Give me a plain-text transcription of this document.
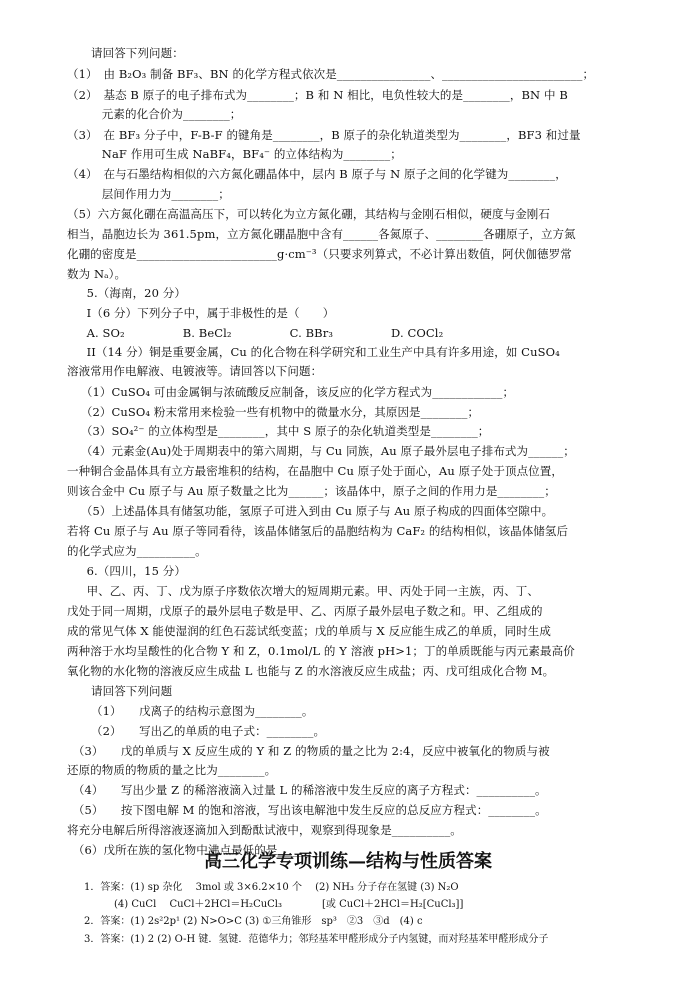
请回答下列问题：
（1）　由 B₂O₃ 制备 BF₃、BN 的化学方程式依次是________________、________________________；
（2）　基态 B 原子的电子排布式为________；B 和 N 相比，电负性较大的是________，BN 中 B
　　　元素的化合价为________；
（3）　在 BF₃ 分子中，F-B-F 的键角是________，B 原子的杂化轨道类型为________，BF3 和过量
　　　NaF 作用可生成 NaBF₄，BF₄⁻ 的立体结构为________；
（4）　在与石墨结构相似的六方氮化硼晶体中，层内 B 原子与 N 原子之间的化学键为________，
　　　层间作用力为________；
（5）六方氮化硼在高温高压下，可以转化为立方氮化硼，其结构与金刚石相似，硬度与金刚石
相当，晶胞边长为 361.5pm，立方氮化硼晶胞中含有______各氮原子、________各硼原子，立方氮
化硼的密度是________________________g·cm⁻³（只要求列算式，不必计算出数值，阿伏伽德罗常
数为 Nₐ）。
　5.（海南，20 分）
　I（6 分）下列分子中，属于非极性的是（　　）
　A. SO₂　　　　　B. BeCl₂　　　　　C. BBr₃　　　　　D. COCl₂
　II（14 分）铜是重要金属，Cu 的化合物在科学研究和工业生产中具有许多用途，如 CuSO₄
溶液常用作电解液、电镀液等。请回答以下问题：
　（1）CuSO₄ 可由金属铜与浓硫酸反应制备，该反应的化学方程式为____________；
　（2）CuSO₄ 粉末常用来检验一些有机物中的微量水分，其原因是________；
　（3）SO₄²⁻ 的立体构型是________，其中 S 原子的杂化轨道类型是________；
　（4）元素金(Au)处于周期表中的第六周期，与 Cu 同族，Au 原子最外层电子排布式为______；
一种铜合金晶体具有立方最密堆积的结构，在晶胞中 Cu 原子处于面心，Au 原子处于顶点位置，
则该合金中 Cu 原子与 Au 原子数量之比为______；该晶体中，原子之间的作用力是________；
　（5）上述晶体具有储氢功能，氢原子可进入到由 Cu 原子与 Au 原子构成的四面体空隙中。
若将 Cu 原子与 Au 原子等同看待，该晶体储氢后的晶胞结构为 CaF₂ 的结构相似，该晶体储氢后
的化学式应为__________。
　6.（四川，15 分）
　甲、乙、丙、丁、戊为原子序数依次增大的短周期元素。甲、丙处于同一主族，丙、丁、
戊处于同一周期，戊原子的最外层电子数是甲、乙、丙原子最外层电子数之和。甲、乙组成的
成的常见气体 X 能使湿润的红色石蕊试纸变蓝；戊的单质与 X 反应能生成乙的单质，同时生成
两种溶于水均呈酸性的化合物 Y 和 Z，0.1mol/L 的 Y 溶液 pH>1；丁的单质既能与丙元素最高价
氧化物的水化物的溶液反应生成盐 L 也能与 Z 的水溶液反应生成盐；丙、戊可组成化合物 M。
请回答下列问题
（1）　　戊离子的结构示意图为________。
（2）　　写出乙的单质的电子式：________。
　（3）　　戊的单质与 X 反应生成的 Y 和 Z 的物质的量之比为 2:4，反应中被氧化的物质与被
还原的物质的物质的量之比为________。
　（4）　　写出少量 Z 的稀溶液滴入过量 L 的稀溶液中发生反应的离子方程式：__________。
　（5）　　按下图电解 M 的饱和溶液，写出该电解池中发生反应的总反应方程式：________。
将充分电解后所得溶液逐滴加入到酚酞试液中，观察到得现象是__________。
　（6）戊所在族的氢化物中沸点最低的是________。
高三化学专项训练—结构与性质答案
1．答案：(1) sp 杂化　 3mol 或 3×6.2×10 个　 (2) NH₃ 分子存在氢键 (3) N₂O
(4) CuCl　 CuCl＋2HCl＝H₂CuCl₃　　　　[或 CuCl＋2HCl＝H₂[CuCl₃]]
2．答案：(1) 2s²2p¹ (2) N>O>C (3) ①三角锥形　sp³　②3　③d　(4) c
3．答案：(1) 2 (2) O-H 键．氢键．范德华力；邻羟基苯甲醛形成分子内氢键，而对羟基苯甲醛形成分子
